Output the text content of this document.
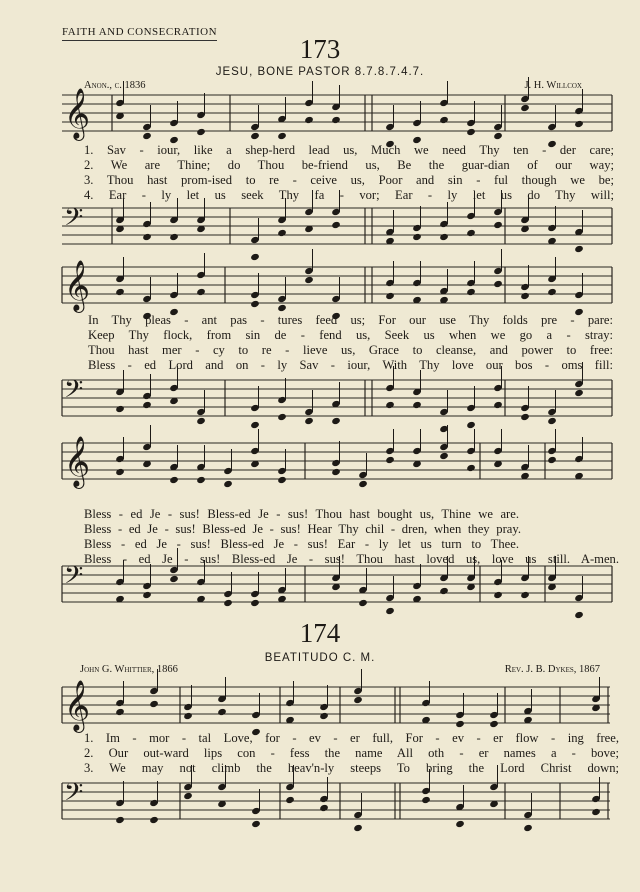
𝄞
𝄢
𝄞
𝄢
𝄞
𝄢
𝄞
𝄢
FAITH AND CONSECRATION
173
JESU, BONE PASTOR 8.7.8.7.4.7.
Anon., c. 1836	J. H. Willcox
1. Sav - iour, like a shep-herd lead us, Much we need Thy ten - der care;
2. We are Thine; do Thou be-friend us, Be the guar-dian of our way;
3. Thou hast prom-ised to re - ceive us, Poor and sin - ful though we be;
4. Ear - ly let us seek Thy fa - vor; Ear - ly let us do Thy will;
In Thy pleas - ant pas - tures feed us; For our use Thy folds pre - pare:
Keep Thy flock, from sin de - fend us, Seek us when we go a - stray:
Thou hast mer - cy to re - lieve us, Grace to cleanse, and power to free:
Bless - ed Lord and on - ly Sav - iour, With Thy love our bos - oms fill:
Bless - ed Je - sus! Bless-ed Je - sus! Thou hast bought us, Thine we are.
Bless - ed Je - sus! Bless-ed Je - sus! Hear Thy chil - dren, when they pray.
Bless - ed Je - sus! Bless-ed Je - sus! Ear - ly let us turn to Thee.
Bless - ed Je - sus! Bless-ed Je - sus! Thou hast loved us, love us still. A-men.
174
BEATITUDO C. M.
John G. Whittier, 1866	Rev. J. B. Dykes, 1867
1. Im - mor - tal Love, for - ev - er full, For - ev - er flow - ing free,
2. Our out-ward lips con - fess the name All oth - er names a - bove;
3. We may not climb the heav'n-ly steeps To bring the Lord Christ down;
